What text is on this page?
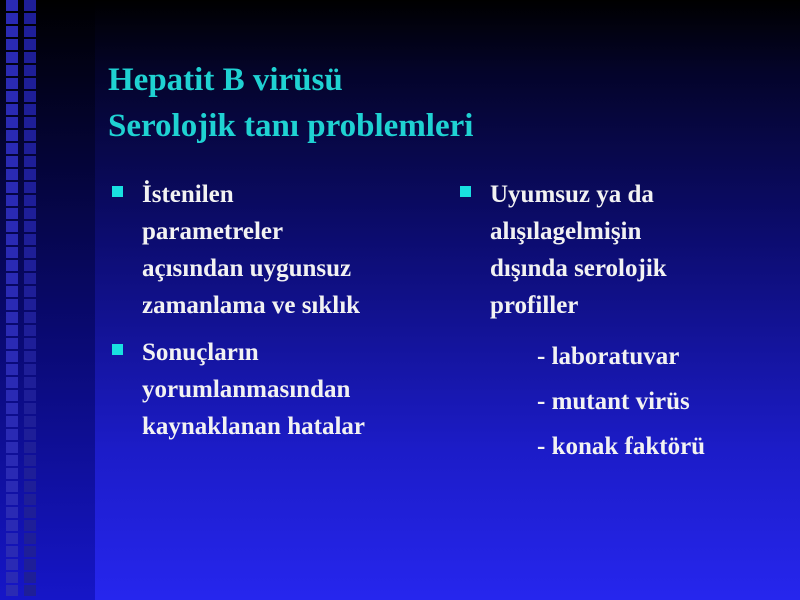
Hepatit B virüsü
Serolojik tanı problemleri
İstenilen
parametreler
açısından uygunsuz
zamanlama ve sıklık
Sonuçların
yorumlanmasından
kaynaklanan hatalar
Uyumsuz ya da
alışılagelmişin
dışında serolojik
profiller
- laboratuvar
- mutant virüs
- konak faktörü
